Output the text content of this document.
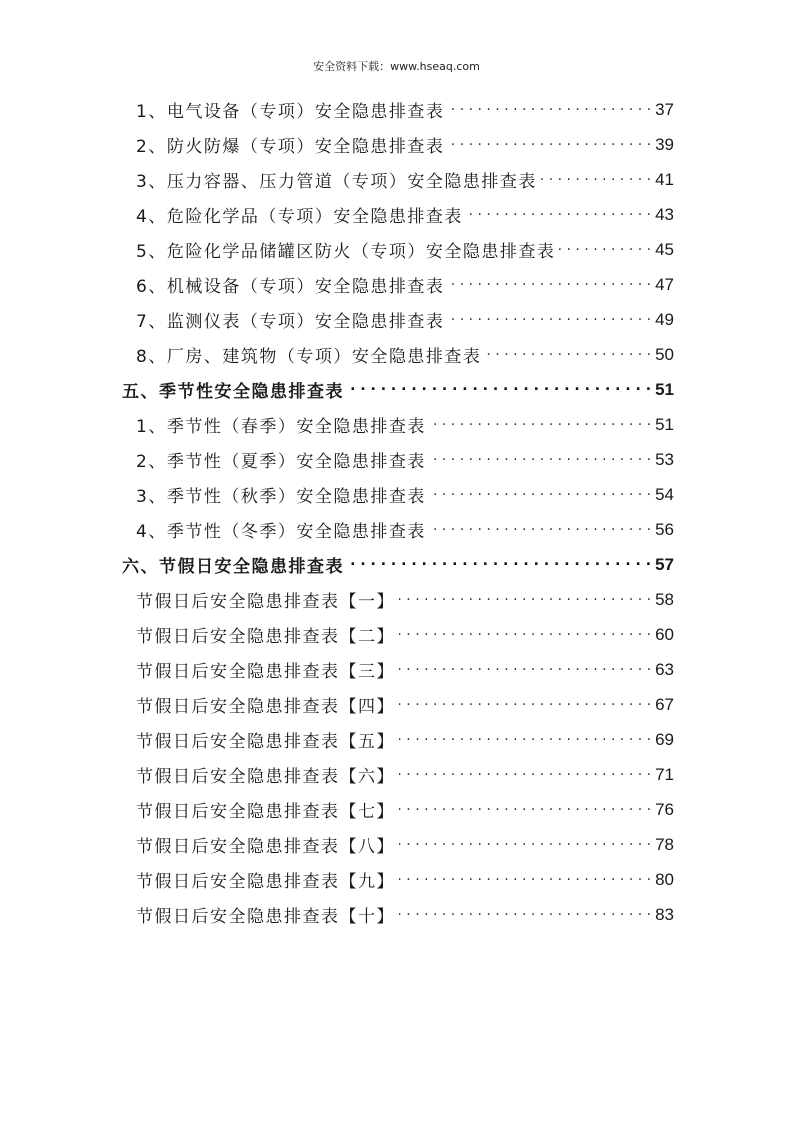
安全资料下载：www.hseaq.com
1、电气设备（专项）安全隐患排查表 . . .	37
2、防火防爆（专项）安全隐患排查表 . . .	39
3、压力容器、压力管道（专项）安全隐患排查表 . . .	41
4、危险化学品（专项）安全隐患排查表 . . .	43
5、危险化学品储罐区防火（专项）安全隐患排查表 . . .	45
6、机械设备（专项）安全隐患排查表 . . .	47
7、监测仪表（专项）安全隐患排查表 . . .	49
8、厂房、建筑物（专项）安全隐患排查表 . . .	50
五、季节性安全隐患排查表 . . .	51
1、季节性（春季）安全隐患排查表 . . .	51
2、季节性（夏季）安全隐患排查表 . . .	53
3、季节性（秋季）安全隐患排查表 . . .	54
4、季节性（冬季）安全隐患排查表 . . .	56
六、节假日安全隐患排查表 . . .	57
节假日后安全隐患排查表【一】 . . .	58
节假日后安全隐患排查表【二】 . . .	60
节假日后安全隐患排查表【三】 . . .	63
节假日后安全隐患排查表【四】 . . .	67
节假日后安全隐患排查表【五】 . . .	69
节假日后安全隐患排查表【六】 . . .	71
节假日后安全隐患排查表【七】 . . .	76
节假日后安全隐患排查表【八】 . . .	78
节假日后安全隐患排查表【九】 . . .	80
节假日后安全隐患排查表【十】 . . .	83
